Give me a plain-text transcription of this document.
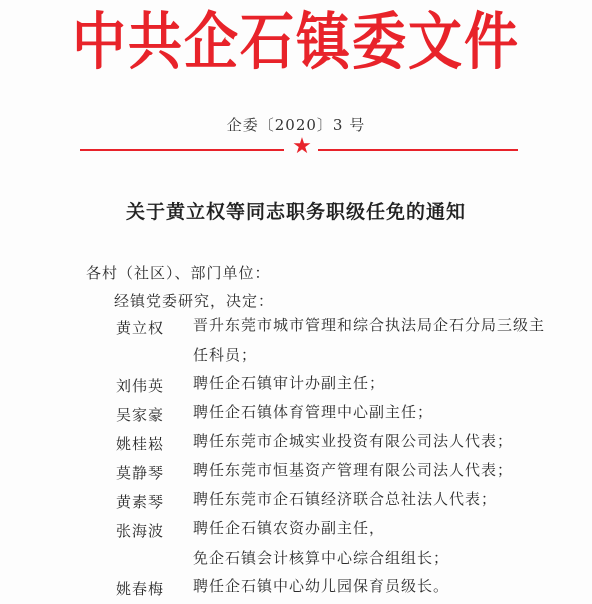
中共企石镇委文件
企委〔2020〕3 号
★
关于黄立权等同志职务职级任免的通知
各村（社区）、部门单位：
经镇党委研究，决定：
黄立权	晋升东莞市城市管理和综合执法局企石分局三级主
任科员；
刘伟英	聘任企石镇审计办副主任；
吴家豪	聘任企石镇体育管理中心副主任；
姚桂崧	聘任东莞市企城实业投资有限公司法人代表；
莫静琴	聘任东莞市恒基资产管理有限公司法人代表；
黄素琴	聘任东莞市企石镇经济联合总社法人代表；
张海波	聘任企石镇农资办副主任，
免企石镇会计核算中心综合组组长；
姚春梅	聘任企石镇中心幼儿园保育员级长。
